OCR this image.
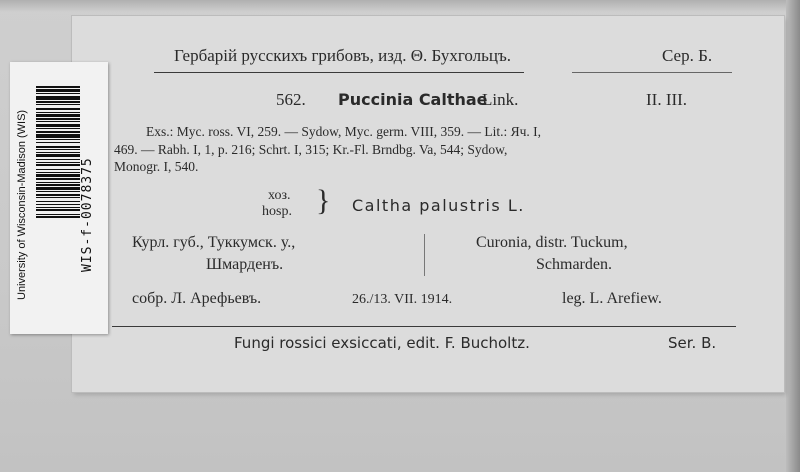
Гербарій русскихъ грибовъ, изд. Θ. Бухгольцъ.	Сер. Б.
562. Puccinia Calthae
Link.	II. III.
Exs.: Myc. ross. VI, 259. — Sydow, Myc. germ. VIII, 359. — Lit.: Яч. I,
469. — Rabh. I, 1, p. 216; Schrt. I, 315; Kr.-Fl. Brndbg. Va, 544; Sydow,
Monogr. I, 540.
хоз.
hosp. } Caltha palustris L.
Курл. губ., Туккумск. у.,
Шмарденъ.
Curonia, distr. Tuckum,
Schmarden.
собр. Л. Арефьевъ.	26./13. VII. 1914.	leg. L. Arefiew.
Fungi rossici exsiccati, edit. F. Bucholtz.	Ser. B.
University of Wisconsin-Madison (WIS)	WIS-f-0078375
